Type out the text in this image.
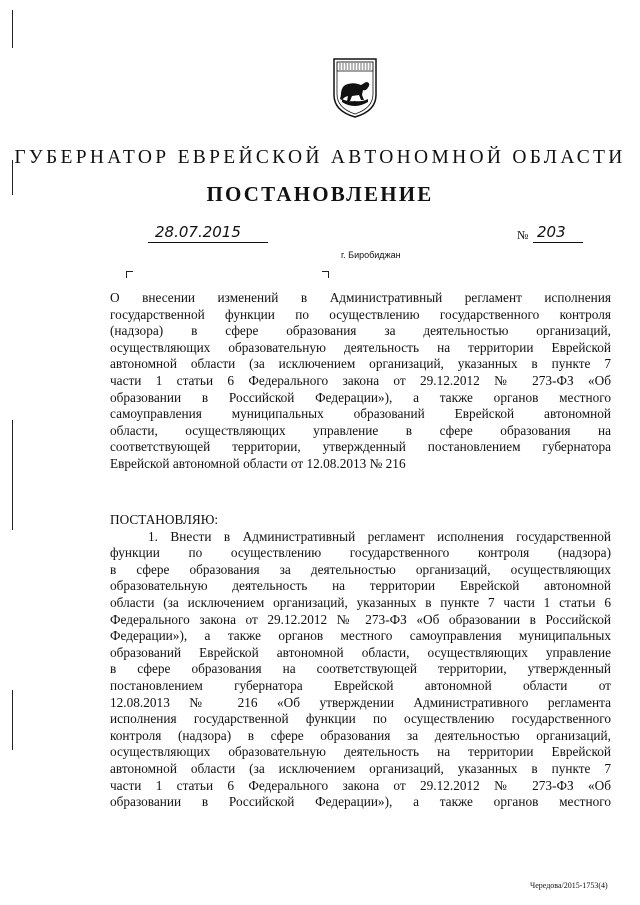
ГУБЕРНАТОР ЕВРЕЙСКОЙ АВТОНОМНОЙ ОБЛАСТИ
ПОСТАНОВЛЕНИЕ
28.07.2015	№ 203
г. Биробиджан
О внесении изменений в Административный регламент исполнения
государственной функции по осуществлению государственного контроля
(надзора) в сфере образования за деятельностью организаций,
осуществляющих образовательную деятельность на территории Еврейской
автономной области (за исключением организаций, указанных в пункте 7
части 1 статьи 6 Федерального закона от 29.12.2012 № 273-ФЗ «Об
образовании в Российской Федерации»), а также органов местного
самоуправления муниципальных образований Еврейской автономной
области, осуществляющих управление в сфере образования на
соответствующей территории, утвержденный постановлением губернатора
Еврейской автономной области от 12.08.2013 № 216
ПОСТАНОВЛЯЮ:
1. Внести в Административный регламент исполнения государственной
функции по осуществлению государственного контроля (надзора)
в сфере образования за деятельностью организаций, осуществляющих
образовательную деятельность на территории Еврейской автономной
области (за исключением организаций, указанных в пункте 7 части 1 статьи 6
Федерального закона от 29.12.2012 № 273-ФЗ «Об образовании в Российской
Федерации»), а также органов местного самоуправления муниципальных
образований Еврейской автономной области, осуществляющих управление
в сфере образования на соответствующей территории, утвержденный
постановлением губернатора Еврейской автономной области от
12.08.2013 № 216 «Об утверждении Административного регламента
исполнения государственной функции по осуществлению государственного
контроля (надзора) в сфере образования за деятельностью организаций,
осуществляющих образовательную деятельность на территории Еврейской
автономной области (за исключением организаций, указанных в пункте 7
части 1 статьи 6 Федерального закона от 29.12.2012 № 273-ФЗ «Об
образовании в Российской Федерации»), а также органов местного
Чередова/2015-1753(4)
